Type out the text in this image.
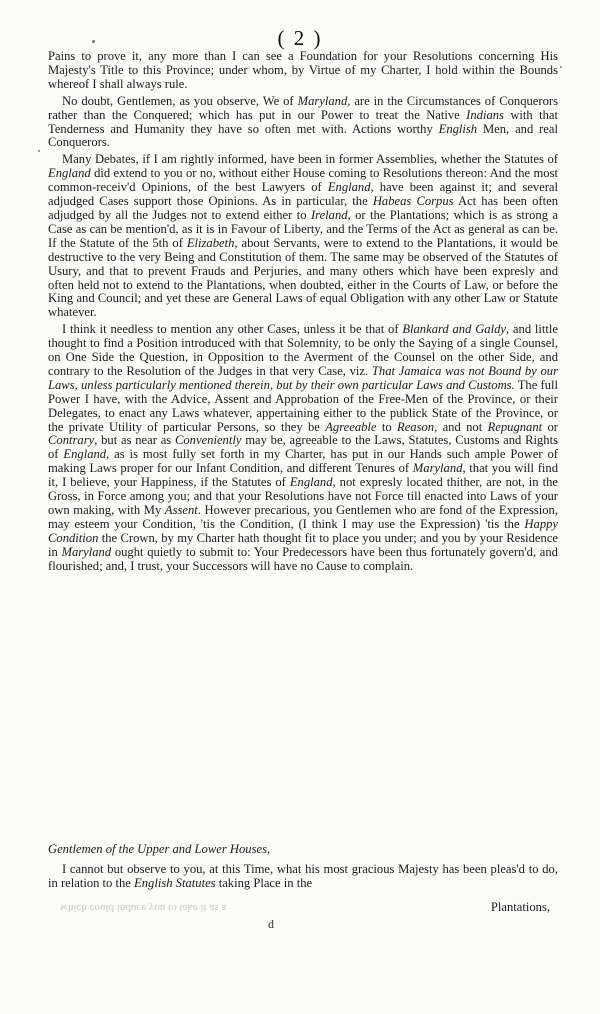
( 2 )

Pains to prove it, any more than I can see a Foundation for your Resolutions concerning His Majesty's Title to this Province; under whom, by Virtue of my Charter, I hold within the Bounds whereof I shall always rule.

No doubt, Gentlemen, as you observe, We of Maryland, are in the Circumstances of Conquerors rather than the Conquered; which has put in our Power to treat the Native Indians with that Tenderness and Humanity they have so often met with. Actions worthy English Men, and real Conquerors.

Many Debates, if I am rightly informed, have been in former Assemblies, whether the Statutes of England did extend to you or no, without either House coming to Resolutions thereon: And the most common-receiv'd Opinions, of the best Lawyers of England, have been against it; and several adjudged Cases support those Opinions. As in particular, the Habeas Corpus Act has been often adjudged by all the Judges not to extend either to Ireland, or the Plantations; which is as strong a Case as can be mention'd, as it is in Favour of Liberty, and the Terms of the Act as general as can be. If the Statute of the 5th of Elizabeth, about Servants, were to extend to the Plantations, it would be destructive to the very Being and Constitution of them. The same may be observed of the Statutes of Usury, and that to prevent Frauds and Perjuries, and many others which have been expresly and often held not to extend to the Plantations, when doubted, either in the Courts of Law, or before the King and Council; and yet these are General Laws of equal Obligation with any other Law or Statute whatever.

I think it needless to mention any other Cases, unless it be that of Blankard and Galdy, and little thought to find a Position introduced with that Solemnity, to be only the Saying of a single Counsel, on One Side the Question, in Opposition to the Averment of the Counsel on the other Side, and contrary to the Resolution of the Judges in that very Case, viz. That Jamaica was not Bound by our Laws, unless particularly mentioned therein, but by their own particular Laws and Customs. The full Power I have, with the Advice, Assent and Approbation of the Free-Men of the Province, or their Delegates, to enact any Laws whatever, appertaining either to the publick State of the Province, or the private Utility of particular Persons, so they be Agreeable to Reason, and not Repugnant or Contrary, but as near as Conveniently may be, agreeable to the Laws, Statutes, Customs and Rights of England, as is most fully set forth in my Charter, has put in our Hands such ample Power of making Laws proper for our Infant Condition, and different Tenures of Maryland, that you will find it, I believe, your Happiness, if the Statutes of England, not expresly located thither, are not, in the Gross, in Force among you; and that your Resolutions have not Force till enacted into Laws of your own making, with My Assent. However precarious, you Gentlemen who are fond of the Expression, may esteem your Condition, 'tis the Condition, (I think I may use the Expression) 'tis the Happy Condition the Crown, by my Charter hath thought fit to place you under; and you by your Residence in Maryland ought quietly to submit to: Your Predecessors have been thus fortunately govern'd, and flourished; and, I trust, your Successors will have no Cause to complain.

Gentlemen of the Upper and Lower Houses,

I cannot but observe to you, at this Time, what his most gracious Majesty has been pleas'd to do, in relation to the English Statutes taking Place in the

which could induce you to take it as a	Plantations,
d
